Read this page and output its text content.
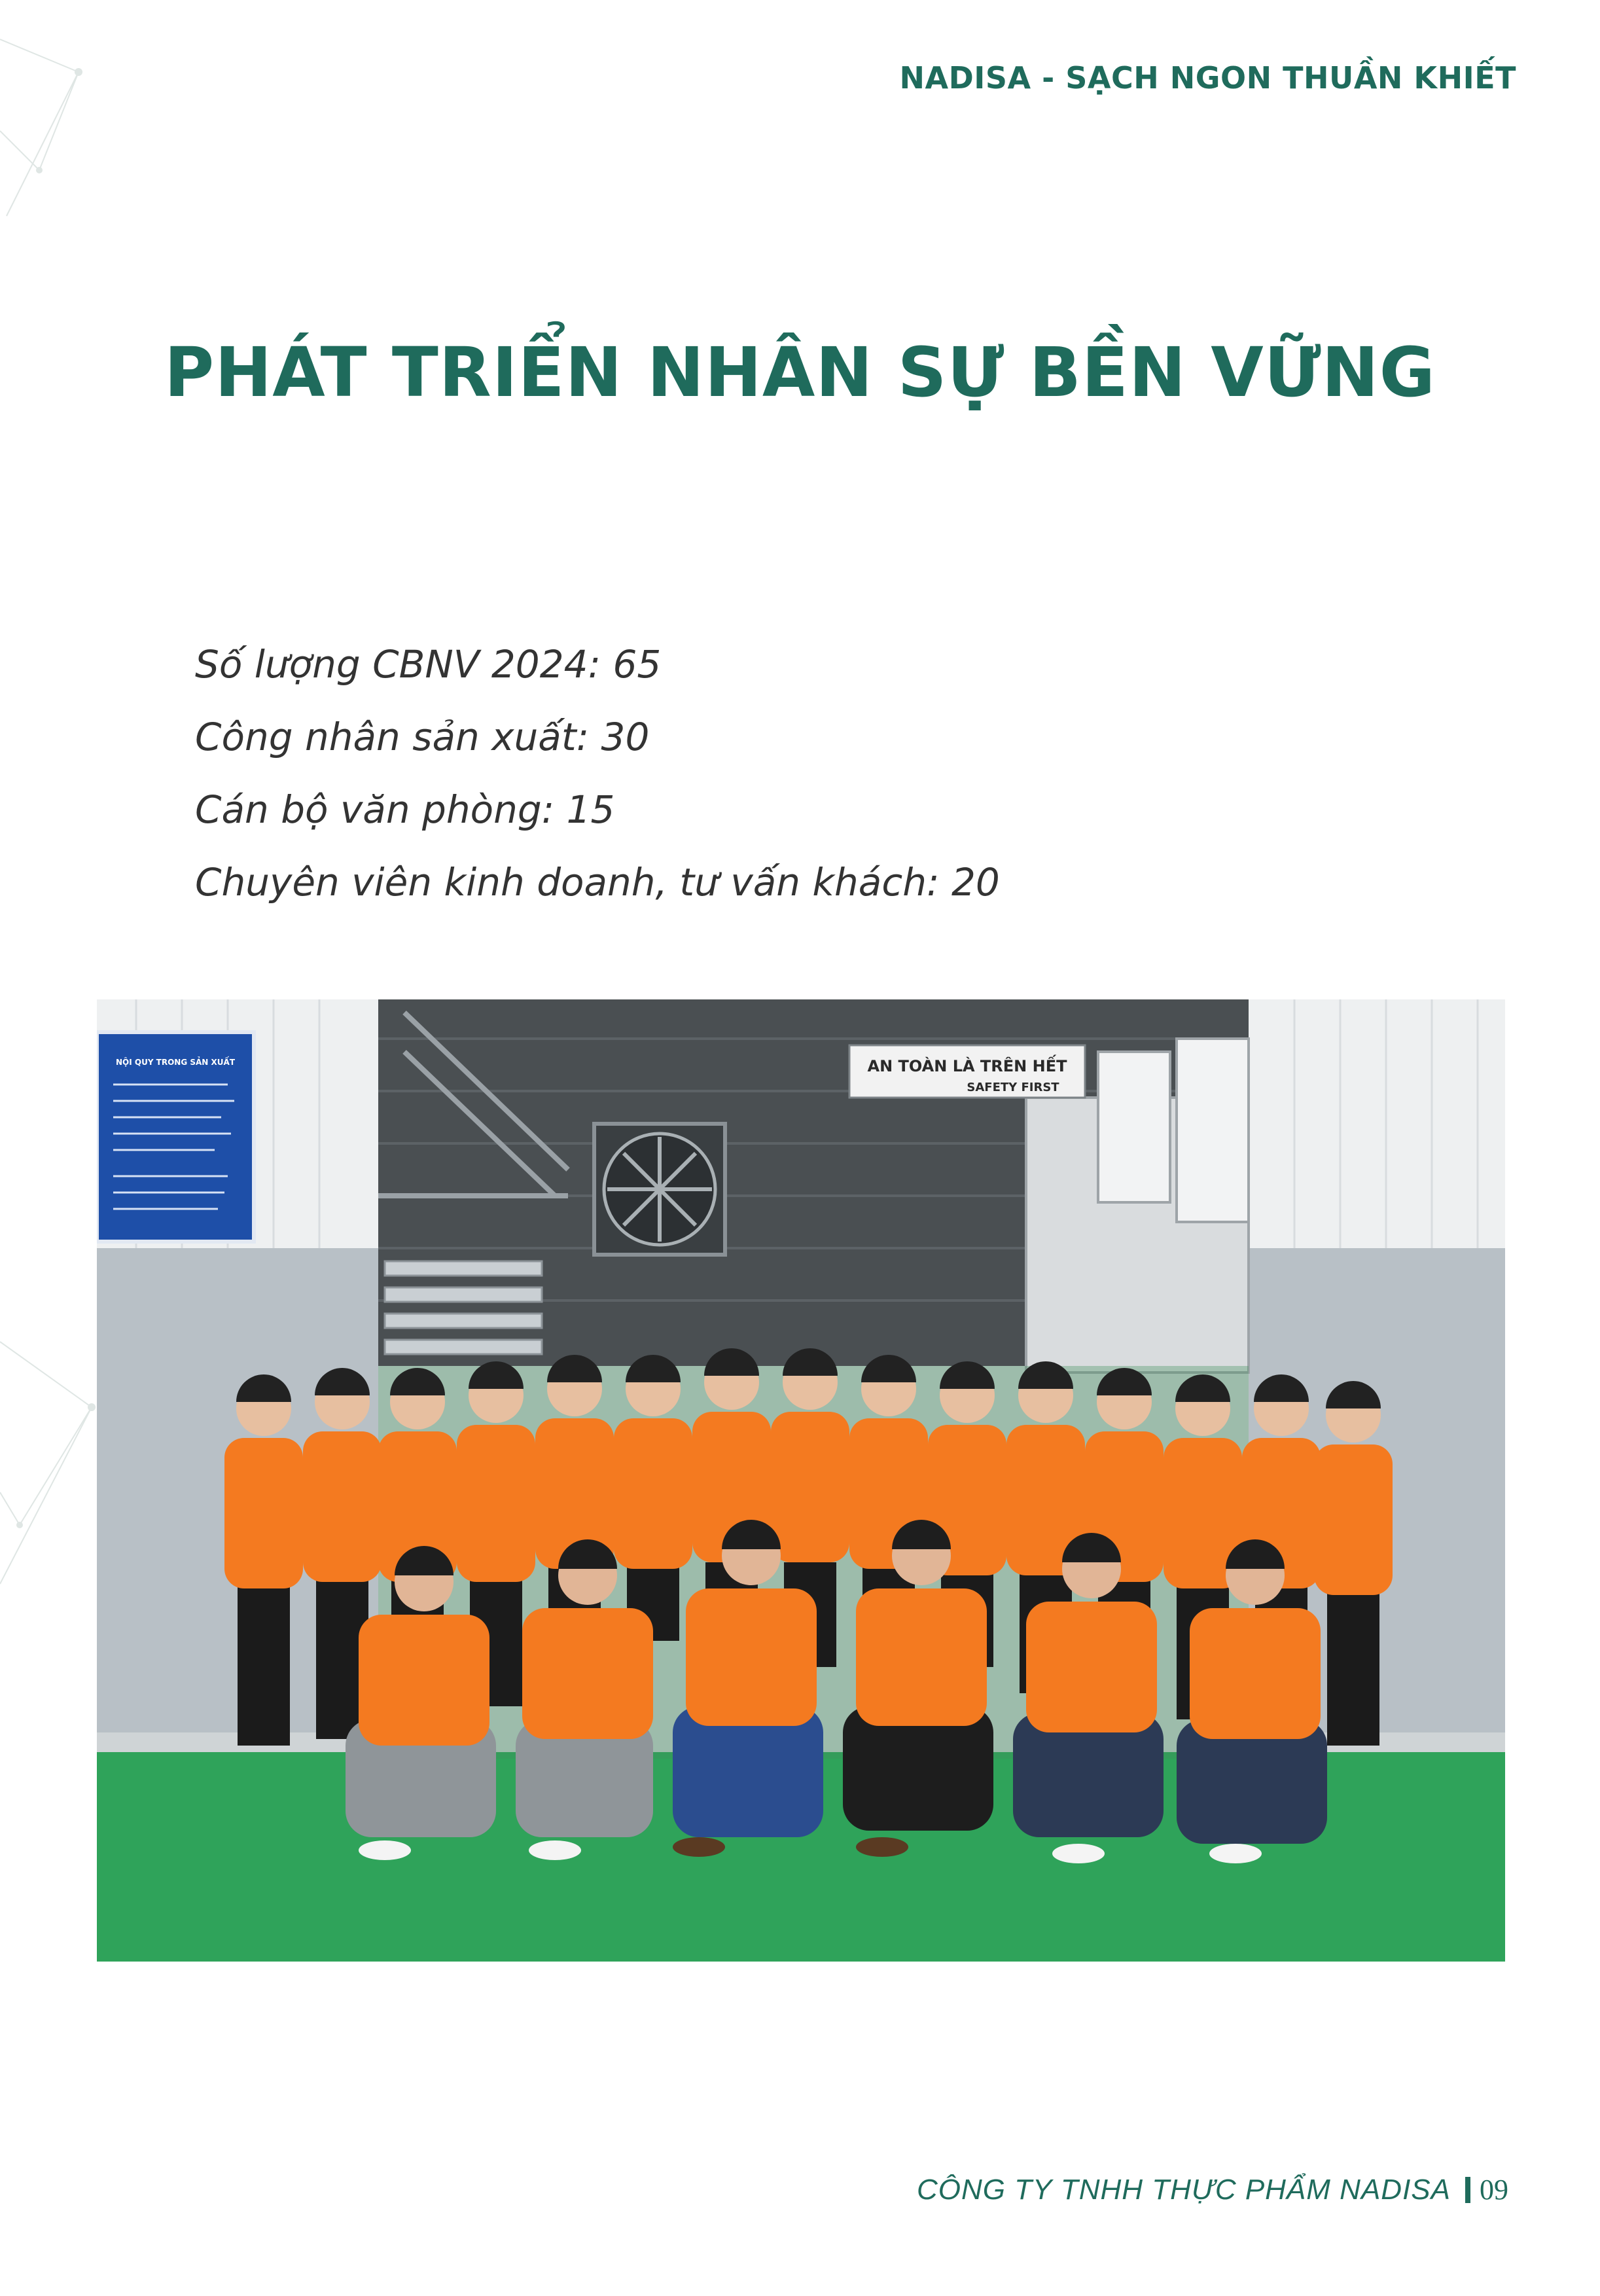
NADISA - SẠCH NGON THUẦN KHIẾT
PHÁT TRIỂN NHÂN SỰ BỀN VỮNG
Số lượng CBNV 2024: 65
Công nhân sản xuất: 30
Cán bộ văn phòng: 15
Chuyên viên kinh doanh, tư vấn khách: 20
AN TOÀN LÀ TRÊN HẾT
SAFETY FIRST
NỘI QUY TRONG SẢN XUẤT
CÔNG TY TNHH THỰC PHẨM NADISA 09
